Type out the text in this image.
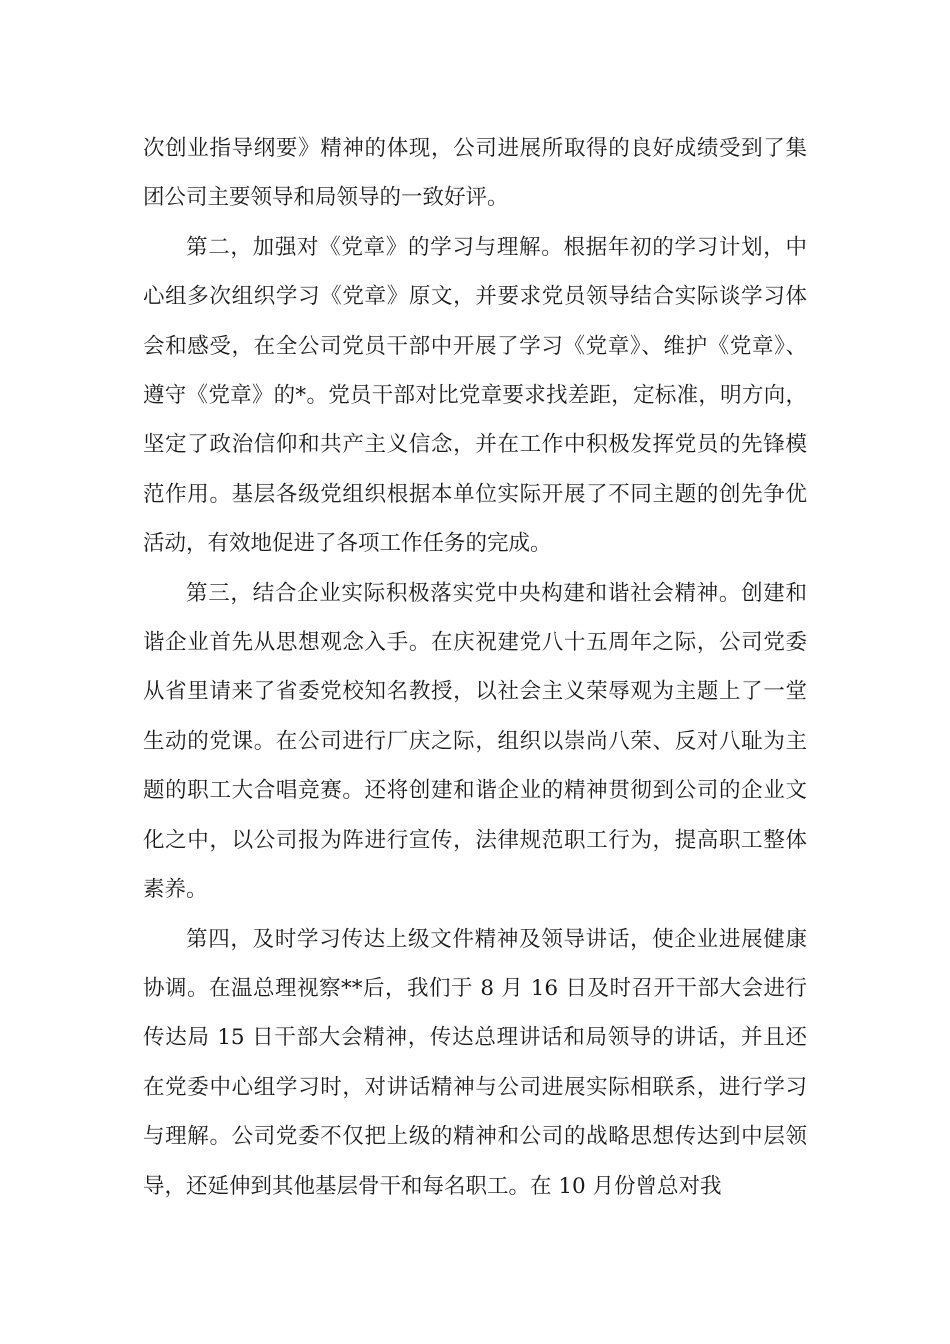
次创业指导纲要》精神的体现，公司进展所取得的良好成绩受到了集团公司主要领导和局领导的一致好评。

第二，加强对《党章》的学习与理解。根据年初的学习计划，中心组多次组织学习《党章》原文，并要求党员领导结合实际谈学习体会和感受，在全公司党员干部中开展了学习《党章》、维护《党章》、遵守《党章》的*。党员干部对比党章要求找差距，定标准，明方向，坚定了政治信仰和共产主义信念，并在工作中积极发挥党员的先锋模范作用。基层各级党组织根据本单位实际开展了不同主题的创先争优活动，有效地促进了各项工作任务的完成。

第三，结合企业实际积极落实党中央构建和谐社会精神。创建和谐企业首先从思想观念入手。在庆祝建党八十五周年之际，公司党委从省里请来了省委党校知名教授，以社会主义荣辱观为主题上了一堂生动的党课。在公司进行厂庆之际，组织以崇尚八荣、反对八耻为主题的职工大合唱竞赛。还将创建和谐企业的精神贯彻到公司的企业文化之中，以公司报为阵进行宣传，法律规范职工行为，提高职工整体素养。

第四，及时学习传达上级文件精神及领导讲话，使企业进展健康协调。在温总理视察**后，我们于 8 月 16 日及时召开干部大会进行传达局 15 日干部大会精神，传达总理讲话和局领导的讲话，并且还在党委中心组学习时，对讲话精神与公司进展实际相联系，进行学习与理解。公司党委不仅把上级的精神和公司的战略思想传达到中层领导，还延伸到其他基层骨干和每名职工。在 10 月份曾总对我
